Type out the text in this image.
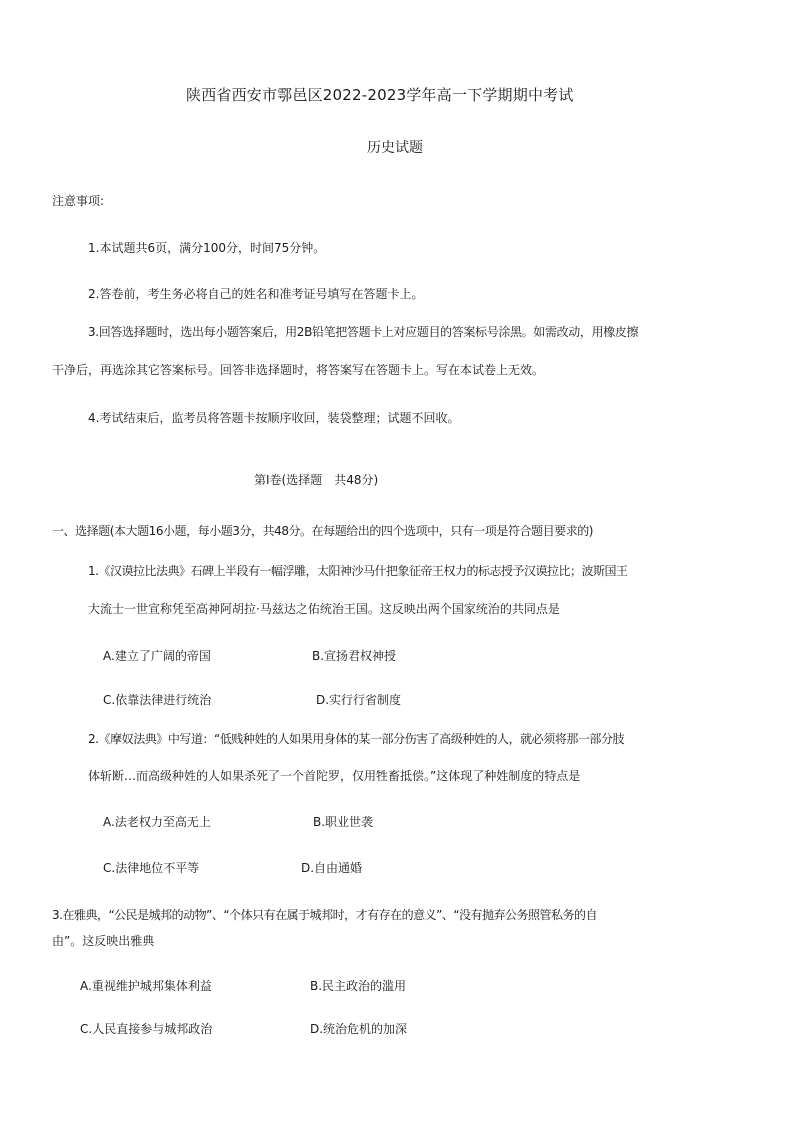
陕西省西安市鄠邑区2022-2023学年高一下学期期中考试
历史试题
注意事项:
1.本试题共6页，满分100分，时间75分钟。
2.答卷前，考生务必将自己的姓名和准考证号填写在答题卡上。
3.回答选择题时，选出每小题答案后，用2B铅笔把答题卡上对应题目的答案标号涂黑。如需改动，用橡皮擦
干净后，再选涂其它答案标号。回答非选择题时，将答案写在答题卡上。写在本试卷上无效。
4.考试结束后，监考员将答题卡按顺序收回，装袋整理；试题不回收。
第Ⅰ卷(选择题　共48分)
一、选择题(本大题16小题，每小题3分，共48分。在每题给出的四个选项中，只有一项是符合题目要求的)
1.《汉谟拉比法典》石碑上半段有一幅浮雕，太阳神沙马什把象征帝王权力的标志授予汉谟拉比；波斯国王
大流士一世宣称凭至高神阿胡拉·马兹达之佑统治王国。这反映出两个国家统治的共同点是
A.建立了广阔的帝国	B.宣扬君权神授
C.依靠法律进行统治	D.实行行省制度
2.《摩奴法典》中写道：“低贱种姓的人如果用身体的某一部分伤害了高级种姓的人，就必须将那一部分肢
体斩断…而高级种姓的人如果杀死了一个首陀罗，仅用牲畜抵偿。”这体现了种姓制度的特点是
A.法老权力至高无上	B.职业世袭
C.法律地位不平等	D.自由通婚
3.在雅典，“公民是城邦的动物”、“个体只有在属于城邦时，才有存在的意义”、“没有抛弃公务照管私务的自
由”。这反映出雅典
A.重视维护城邦集体利益	B.民主政治的滥用
C.人民直接参与城邦政治	D.统治危机的加深
